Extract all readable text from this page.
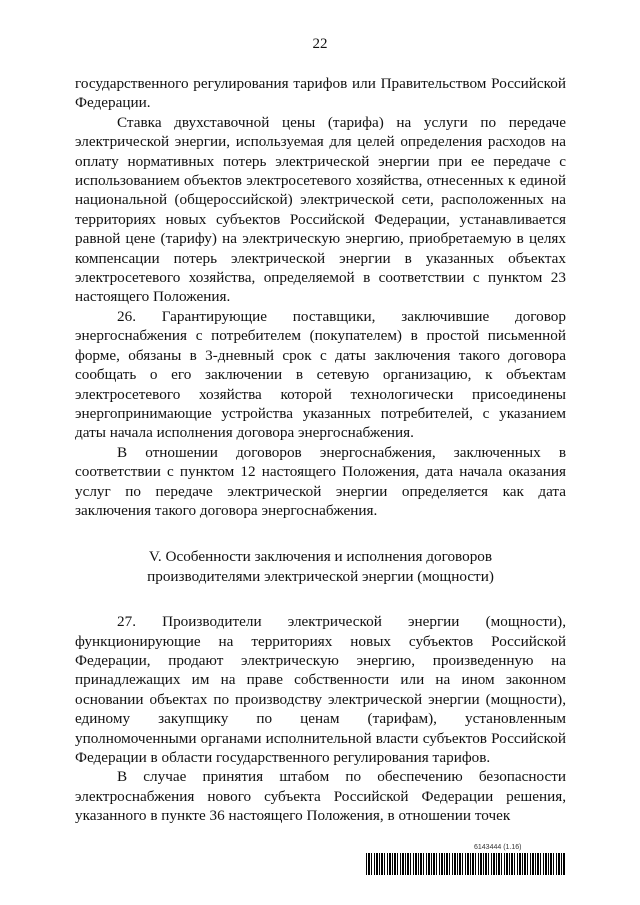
22

государственного регулирования тарифов или Правительством Российской Федерации.

Ставка двухставочной цены (тарифа) на услуги по передаче электрической энергии, используемая для целей определения расходов на оплату нормативных потерь электрической энергии при ее передаче с использованием объектов электросетевого хозяйства, отнесенных к единой национальной (общероссийской) электрической сети, расположенных на территориях новых субъектов Российской Федерации, устанавливается равной цене (тарифу) на электрическую энергию, приобретаемую в целях компенсации потерь электрической энергии в указанных объектах электросетевого хозяйства, определяемой в соответствии с пунктом 23 настоящего Положения.

26. Гарантирующие поставщики, заключившие договор энергоснабжения с потребителем (покупателем) в простой письменной форме, обязаны в 3-дневный срок с даты заключения такого договора сообщать о его заключении в сетевую организацию, к объектам электросетевого хозяйства которой технологически присоединены энергопринимающие устройства указанных потребителей, с указанием даты начала исполнения договора энергоснабжения.

В отношении договоров энергоснабжения, заключенных в соответствии с пунктом 12 настоящего Положения, дата начала оказания услуг по передаче электрической энергии определяется как дата заключения такого договора энергоснабжения.

V. Особенности заключения и исполнения договоров
производителями электрической энергии (мощности)

27. Производители электрической энергии (мощности), функционирующие на территориях новых субъектов Российской Федерации, продают электрическую энергию, произведенную на принадлежащих им на праве собственности или на ином законном основании объектах по производству электрической энергии (мощности), единому закупщику по ценам (тарифам), установленным уполномоченными органами исполнительной власти субъектов Российской Федерации в области государственного регулирования тарифов.

В случае принятия штабом по обеспечению безопасности электроснабжения нового субъекта Российской Федерации решения, указанного в пункте 36 настоящего Положения, в отношении точек

6143444 (1.16)
